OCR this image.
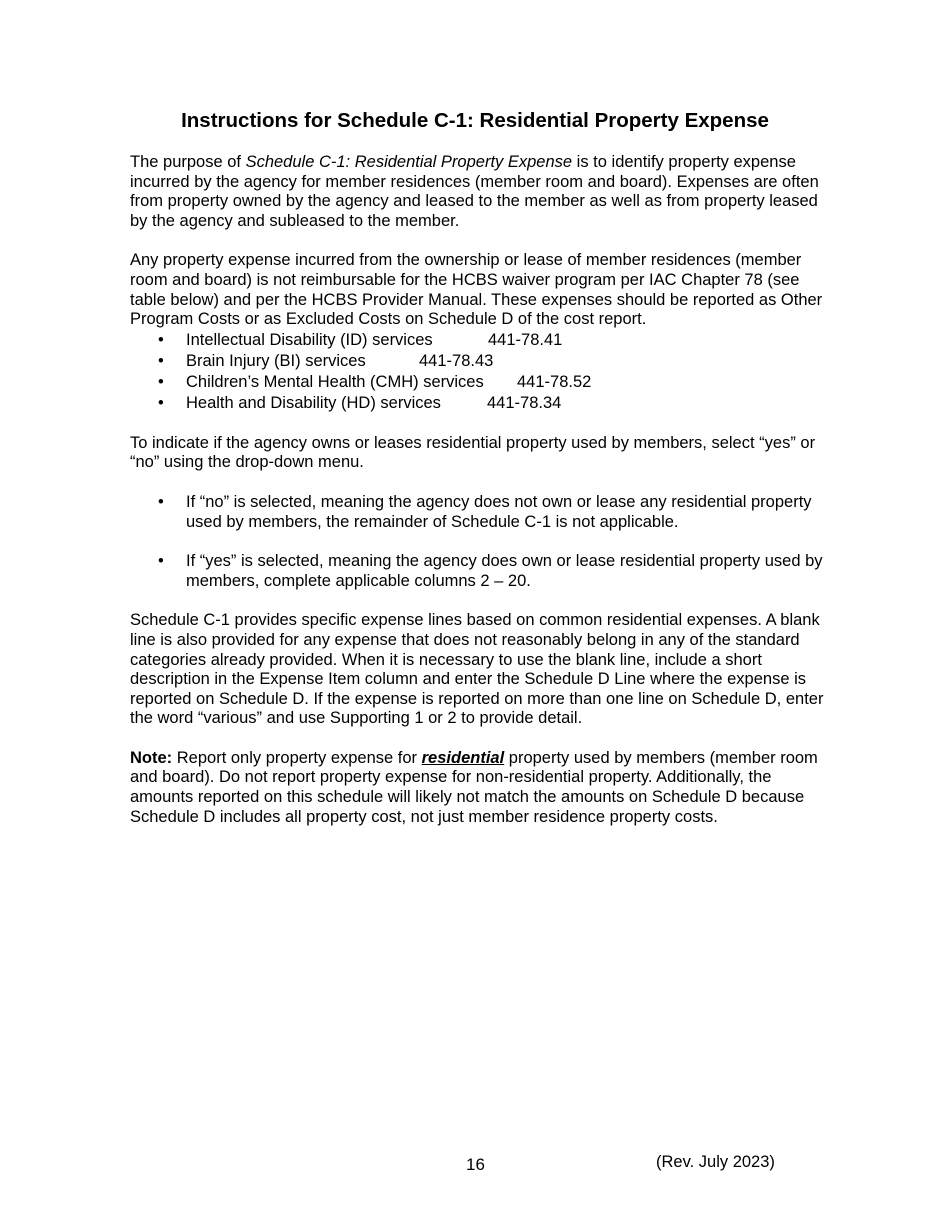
Instructions for Schedule C-1: Residential Property Expense

The purpose of Schedule C-1: Residential Property Expense is to identify property expense incurred by the agency for member residences (member room and board). Expenses are often from property owned by the agency and leased to the member as well as from property leased by the agency and subleased to the member.

Any property expense incurred from the ownership or lease of member residences (member room and board) is not reimbursable for the HCBS waiver program per IAC Chapter 78 (see table below) and per the HCBS Provider Manual. These expenses should be reported as Other Program Costs or as Excluded Costs on Schedule D of the cost report.

• Intellectual Disability (ID) services	441-78.41
• Brain Injury (BI) services	441-78.43
• Children’s Mental Health (CMH) services 441-78.52
• Health and Disability (HD) services	441-78.34

To indicate if the agency owns or leases residential property used by members, select “yes” or “no” using the drop-down menu.

• If “no” is selected, meaning the agency does not own or lease any residential property used by members, the remainder of Schedule C-1 is not applicable.
• If “yes” is selected, meaning the agency does own or lease residential property used by members, complete applicable columns 2 – 20.

Schedule C-1 provides specific expense lines based on common residential expenses. A blank line is also provided for any expense that does not reasonably belong in any of the standard categories already provided. When it is necessary to use the blank line, include a short description in the Expense Item column and enter the Schedule D Line where the expense is reported on Schedule D. If the expense is reported on more than one line on Schedule D, enter the word “various” and use Supporting 1 or 2 to provide detail.

Note: Report only property expense for residential property used by members (member room and board). Do not report property expense for non-residential property. Additionally, the amounts reported on this schedule will likely not match the amounts on Schedule D because Schedule D includes all property cost, not just member residence property costs.

16	(Rev. July 2023)
